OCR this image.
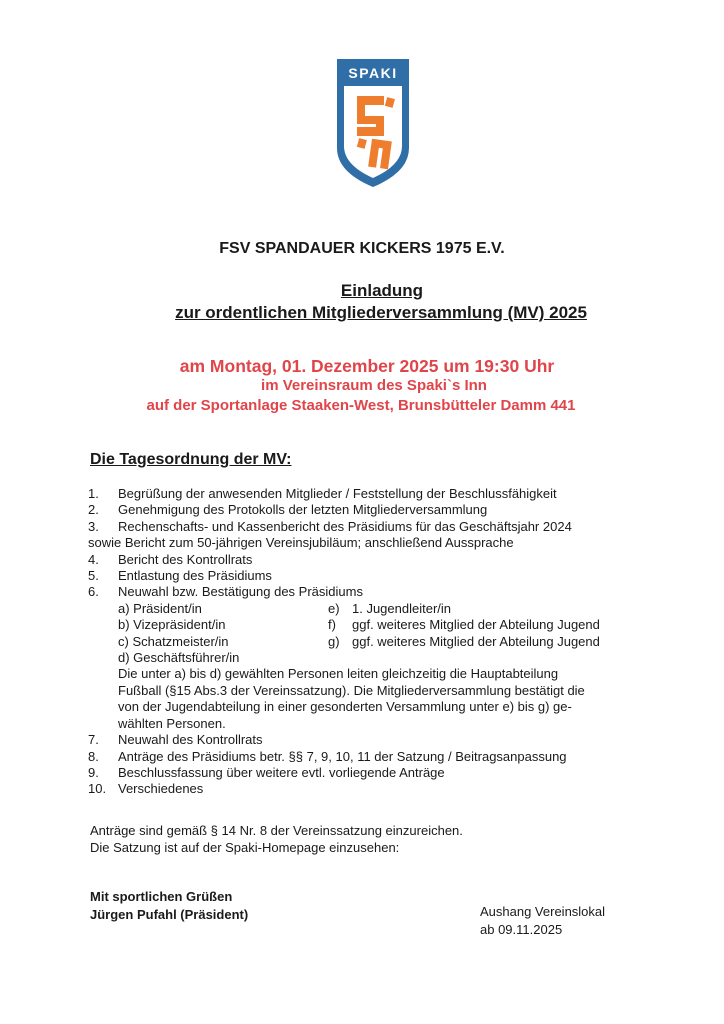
SPAKI
FSV SPANDAUER KICKERS 1975 E.V.
Einladung
zur ordentlichen Mitgliederversammlung (MV) 2025
am Montag, 01. Dezember 2025 um 19:30 Uhr
im Vereinsraum des Spaki`s Inn
auf der Sportanlage Staaken-West, Brunsbütteler Damm 441
Die Tagesordnung der MV:
1. Begrüßung der anwesenden Mitglieder / Feststellung der Beschlussfähigkeit
2. Genehmigung des Protokolls der letzten Mitgliederversammlung
3. Rechenschafts- und Kassenbericht des Präsidiums für das Geschäftsjahr 2024
sowie Bericht zum 50-jährigen Vereinsjubiläum; anschließend Aussprache
4. Bericht des Kontrollrats
5. Entlastung des Präsidiums
6. Neuwahl bzw. Bestätigung des Präsidiums
a) Präsident/in	e) 1. Jugendleiter/in
b) Vizepräsident/in	f)	ggf. weiteres Mitglied der Abteilung Jugend
c) Schatzmeister/in	g) ggf. weiteres Mitglied der Abteilung Jugend
d) Geschäftsführer/in
Die unter a) bis d) gewählten Personen leiten gleichzeitig die Hauptabteilung
Fußball (§15 Abs.3 der Vereinssatzung). Die Mitgliederversammlung bestätigt die
von der Jugendabteilung in einer gesonderten Versammlung unter e) bis g) ge-
wählten Personen.
7. Neuwahl des Kontrollrats
8. Anträge des Präsidiums betr. §§ 7, 9, 10, 11 der Satzung / Beitragsanpassung
9. Beschlussfassung über weitere evtl. vorliegende Anträge
10. Verschiedenes
Anträge sind gemäß § 14 Nr. 8 der Vereinssatzung einzureichen.
Die Satzung ist auf der Spaki-Homepage einzusehen:
Mit sportlichen Grüßen
Jürgen Pufahl (Präsident)	Aushang Vereinslokal
ab 09.11.2025
